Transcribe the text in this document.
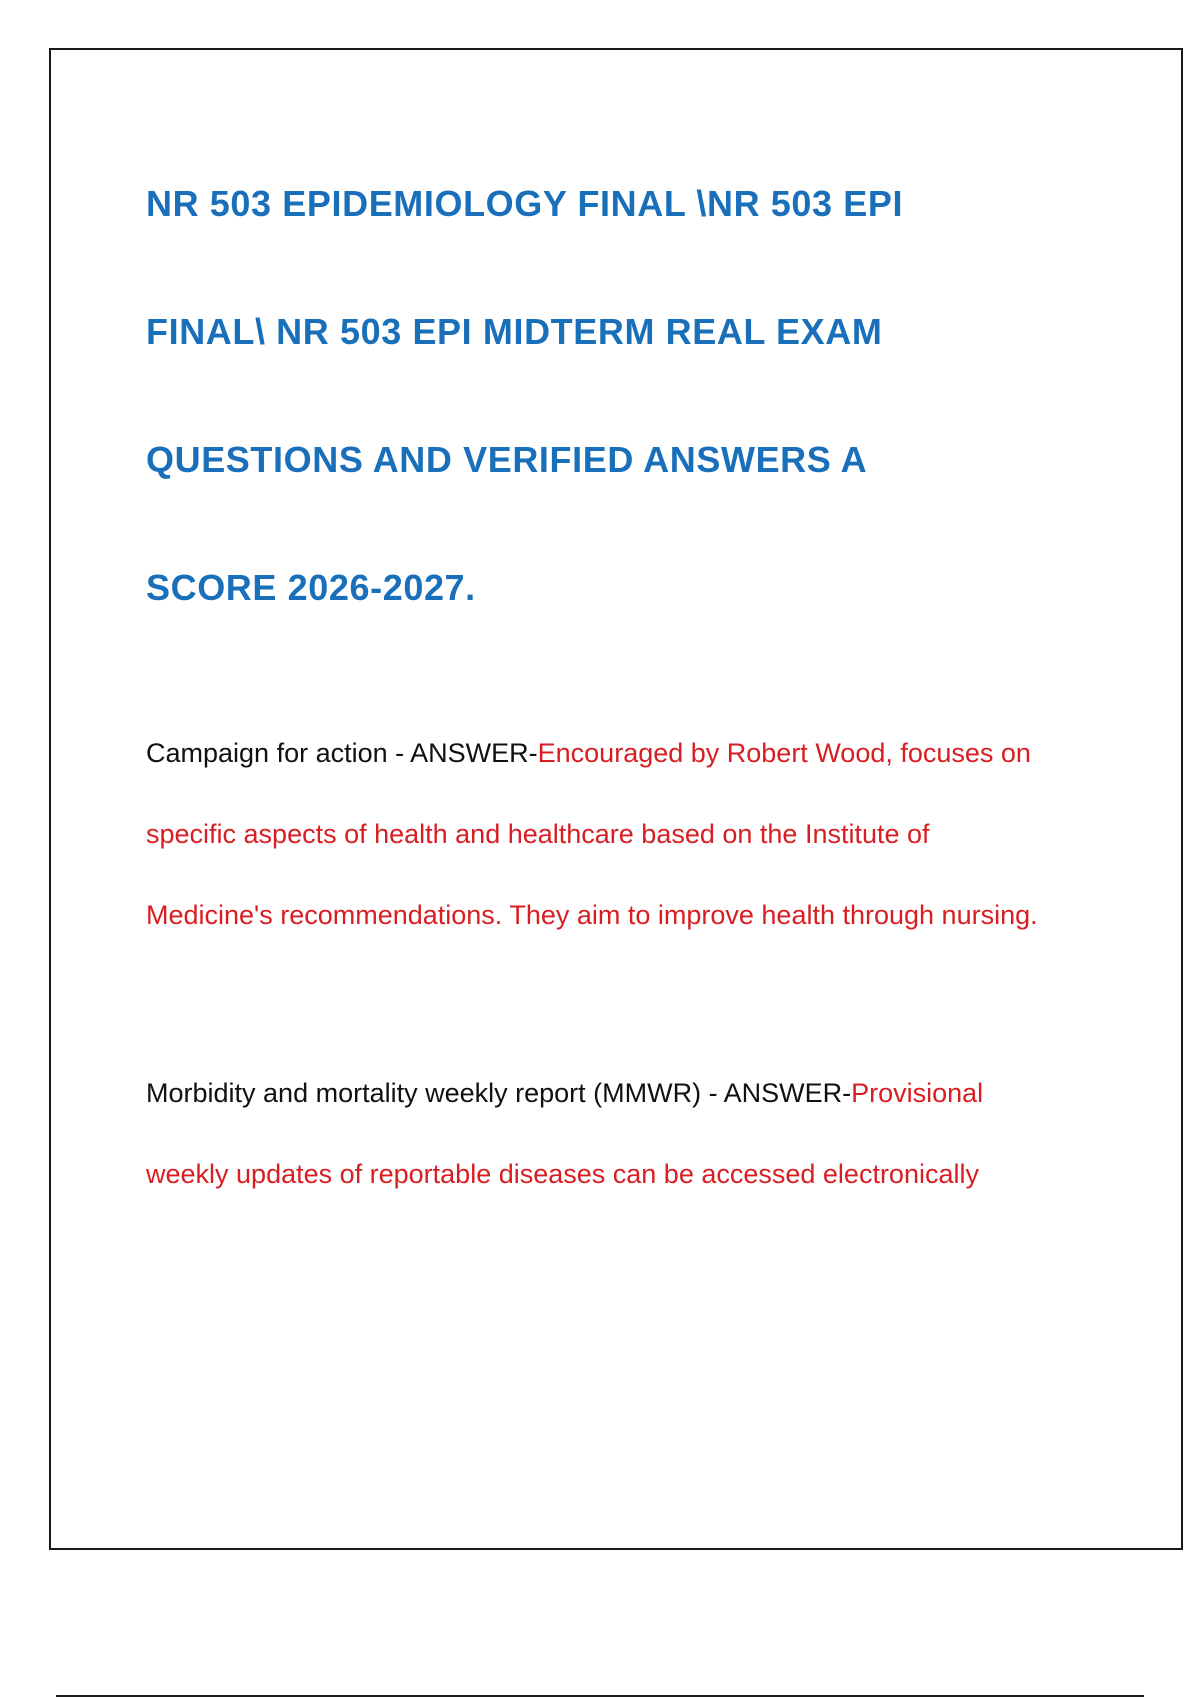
NR 503 EPIDEMIOLOGY FINAL \NR 503 EPI
FINAL\ NR 503 EPI MIDTERM REAL EXAM
QUESTIONS AND VERIFIED ANSWERS A
SCORE 2026-2027.
Campaign for action - ANSWER-Encouraged by Robert Wood, focuses on
specific aspects of health and healthcare based on the Institute of
Medicine's recommendations. They aim to improve health through nursing.
Morbidity and mortality weekly report (MMWR) - ANSWER-Provisional
weekly updates of reportable diseases can be accessed electronically
